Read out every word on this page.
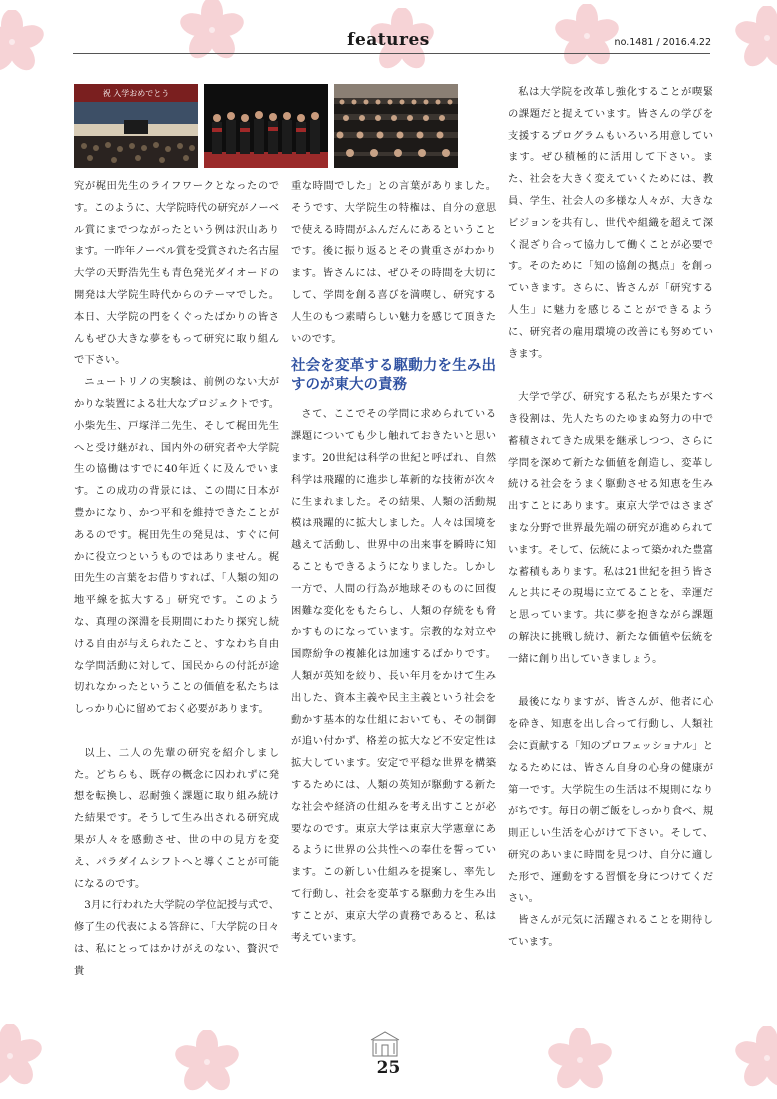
features	no.1481 / 2016.4.22
祝 入学おめでとう

究が梶田先生のライフワークとなったのです。このように、大学院時代の研究がノーベル賞にまでつながったという例は沢山あります。一昨年ノーベル賞を受賞された名古屋大学の天野浩先生も青色発光ダイオードの開発は大学院生時代からのテーマでした。本日、大学院の門をくぐったばかりの皆さんもぜひ大きな夢をもって研究に取り組んで下さい。

ニュートリノの実験は、前例のない大がかりな装置による壮大なプロジェクトです。小柴先生、戸塚洋二先生、そして梶田先生へと受け継がれ、国内外の研究者や大学院生の協働はすでに40年近くに及んでいます。この成功の背景には、この間に日本が豊かになり、かつ平和を維持できたことがあるのです。梶田先生の発見は、すぐに何かに役立つというものではありません。梶田先生の言葉をお借りすれば、「人類の知の地平線を拡大する」研究です。このような、真理の深淵を長期間にわたり探究し続ける自由が与えられたこと、すなわち自由な学問活動に対して、国民からの付託が途切れなかったということの価値を私たちはしっかり心に留めておく必要があります。

以上、二人の先輩の研究を紹介しました。どちらも、既存の概念に囚われずに発想を転換し、忍耐強く課題に取り組み続けた結果です。そうして生み出される研究成果が人々を感動させ、世の中の見方を変え、パラダイムシフトへと導くことが可能になるのです。

3月に行われた大学院の学位記授与式で、修了生の代表による答辞に、「大学院の日々は、私にとってはかけがえのない、贅沢で貴

重な時間でした」との言葉がありました。そうです、大学院生の特権は、自分の意思で使える時間がふんだんにあるということです。後に振り返るとその貴重さがわかります。皆さんには、ぜひその時間を大切にして、学問を創る喜びを満喫し、研究する人生のもつ素晴らしい魅力を感じて頂きたいのです。

社会を変革する駆動力を生み出すのが東大の責務

さて、ここでその学問に求められている課題についても少し触れておきたいと思います。20世紀は科学の世紀と呼ばれ、自然科学は飛躍的に進歩し革新的な技術が次々に生まれました。その結果、人類の活動規模は飛躍的に拡大しました。人々は国境を越えて活動し、世界中の出来事を瞬時に知ることもできるようになりました。しかし一方で、人間の行為が地球そのものに回復困難な変化をもたらし、人類の存続をも脅かすものになっています。宗教的な対立や国際紛争の複雑化は加速するばかりです。人類が英知を絞り、長い年月をかけて生み出した、資本主義や民主主義という社会を動かす基本的な仕組においても、その制御が追い付かず、格差の拡大など不安定性は拡大しています。安定で平穏な世界を構築するためには、人類の英知が駆動する新たな社会や経済の仕組みを考え出すことが必要なのです。東京大学は東京大学憲章にあるように世界の公共性への奉仕を誓っています。この新しい仕組みを提案し、率先して行動し、社会を変革する駆動力を生み出すことが、東京大学の責務であると、私は考えています。

私は大学院を改革し強化することが喫緊の課題だと捉えています。皆さんの学びを支援するプログラムもいろいろ用意しています。ぜひ積極的に活用して下さい。また、社会を大きく変えていくためには、教員、学生、社会人の多様な人々が、大きなビジョンを共有し、世代や組織を超えて深く混ざり合って協力して働くことが必要です。そのために「知の協創の拠点」を創っていきます。さらに、皆さんが「研究する人生」に魅力を感じることができるように、研究者の雇用環境の改善にも努めていきます。

大学で学び、研究する私たちが果たすべき役割は、先人たちのたゆまぬ努力の中で蓄積されてきた成果を継承しつつ、さらに学問を深めて新たな価値を創造し、変革し続ける社会をうまく駆動させる知恵を生み出すことにあります。東京大学ではさまざまな分野で世界最先端の研究が進められています。そして、伝統によって築かれた豊富な蓄積もあります。私は21世紀を担う皆さんと共にその現場に立てることを、幸運だと思っています。共に夢を抱きながら課題の解決に挑戦し続け、新たな価値や伝統を一緒に創り出していきましょう。

最後になりますが、皆さんが、他者に心を砕き、知恵を出し合って行動し、人類社会に貢献する「知のプロフェッショナル」となるためには、皆さん自身の心身の健康が第一です。大学院生の生活は不規則になりがちです。毎日の朝ご飯をしっかり食べ、規則正しい生活を心がけて下さい。そして、研究のあいまに時間を見つけ、自分に適した形で、運動をする習慣を身につけてください。

皆さんが元気に活躍されることを期待しています。

25
